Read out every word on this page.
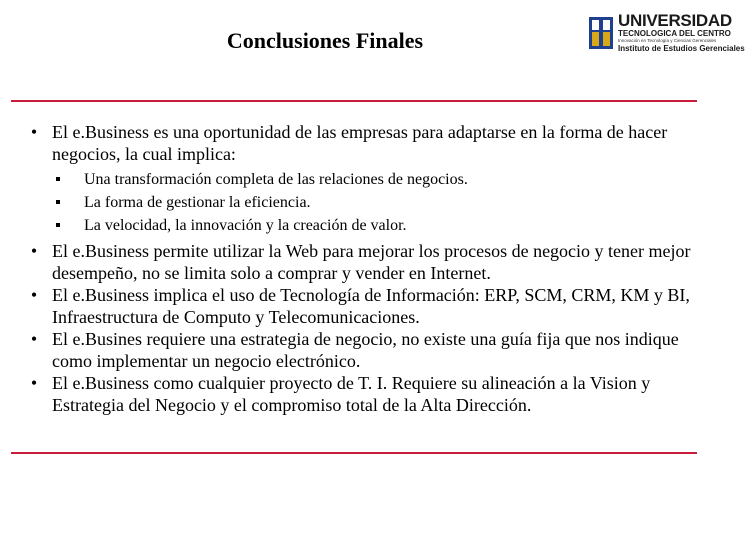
Conclusiones Finales
UNIVERSIDAD
TECNOLOGICA DEL CENTRO
Innovación en Tecnología y Ciencias Gerenciales
Instituto de Estudios Gerenciales
• El e.Business es una oportunidad de las empresas para adaptarse en la forma de hacer negocios, la cual implica:
Una transformación completa de las relaciones de negocios.
La forma de gestionar la eficiencia.
La velocidad, la innovación y la creación de valor.
• El e.Business permite utilizar la Web para mejorar los procesos de negocio y tener mejor desempeño, no se limita solo a comprar y vender en Internet.
• El e.Business implica el uso de Tecnología de Información: ERP, SCM, CRM, KM y BI, Infraestructura de Computo y Telecomunicaciones.
• El e.Busines requiere una estrategia de negocio, no existe una guía fija que nos indique como implementar un negocio electrónico.
• El e.Business como cualquier proyecto de T. I. Requiere su alineación a la Vision y Estrategia del Negocio y el compromiso total de la Alta Dirección.
